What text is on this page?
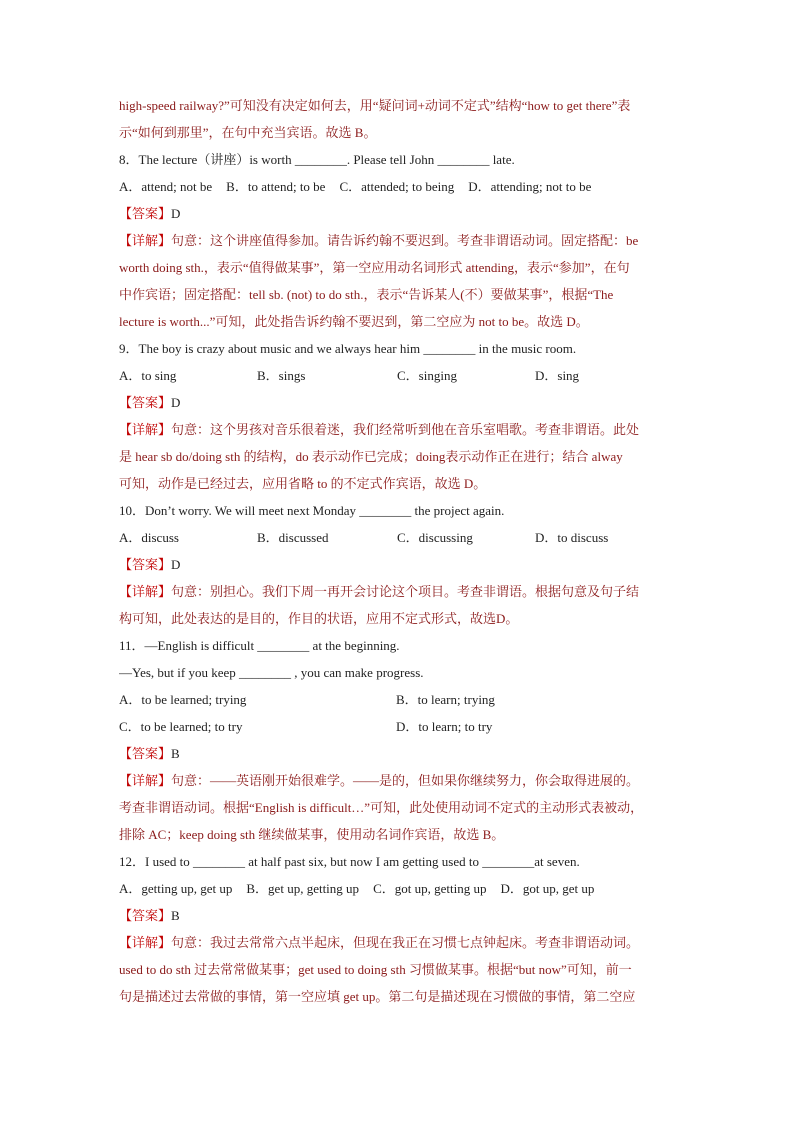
high-speed railway?”可知没有决定如何去，用“疑问词+动词不定式”结构“how to get there”表
示“如何到那里”，在句中充当宾语。故选 B。
8．The lecture（讲座）is worth ________. Please tell John ________ late.
A．attend; not be B．to attend; to be C．attended; to being D．attending; not to be
【答案】D
【详解】句意：这个讲座值得参加。请告诉约翰不要迟到。考查非谓语动词。固定搭配：be
worth doing sth.，表示“值得做某事”，第一空应用动名词形式 attending，表示“参加”，在句
中作宾语；固定搭配：tell sb. (not) to do sth.，表示“告诉某人(不）要做某事”，根据“The
lecture is worth...”可知，此处指告诉约翰不要迟到，第二空应为 not to be。故选 D。
9．The boy is crazy about music and we always hear him ________ in the music room.
A．to sing	B．sings	C．singing	D．sing
【答案】D
【详解】句意：这个男孩对音乐很着迷，我们经常听到他在音乐室唱歌。考查非谓语。此处
是 hear sb do/doing sth 的结构，do 表示动作已完成；doing表示动作正在进行；结合 alway
可知，动作是已经过去，应用省略 to 的不定式作宾语，故选 D。
10．Don’t worry. We will meet next Monday ________ the project again.
A．discuss	B．discussed	C．discussing	D．to discuss
【答案】D
【详解】句意：别担心。我们下周一再开会讨论这个项目。考查非谓语。根据句意及句子结
构可知，此处表达的是目的，作目的状语，应用不定式形式，故选D。
11．—English is difficult ________ at the beginning.
—Yes, but if you keep ________ , you can make progress.
A．to be learned; trying	B．to learn; trying
C．to be learned; to try	D．to learn; to try
【答案】B
【详解】句意：——英语刚开始很难学。——是的，但如果你继续努力，你会取得进展的。
考查非谓语动词。根据“English is difficult…”可知，此处使用动词不定式的主动形式表被动，
排除 AC；keep doing sth 继续做某事，使用动名词作宾语，故选 B。
12．I used to ________ at half past six, but now I am getting used to ________at seven.
A．getting up, get up B．get up, getting up C．got up, getting up D．got up, get up
【答案】B
【详解】句意：我过去常常六点半起床，但现在我正在习惯七点钟起床。考查非谓语动词。
used to do sth 过去常常做某事；get used to doing sth 习惯做某事。根据“but now”可知，前一
句是描述过去常做的事情，第一空应填 get up。第二句是描述现在习惯做的事情，第二空应
